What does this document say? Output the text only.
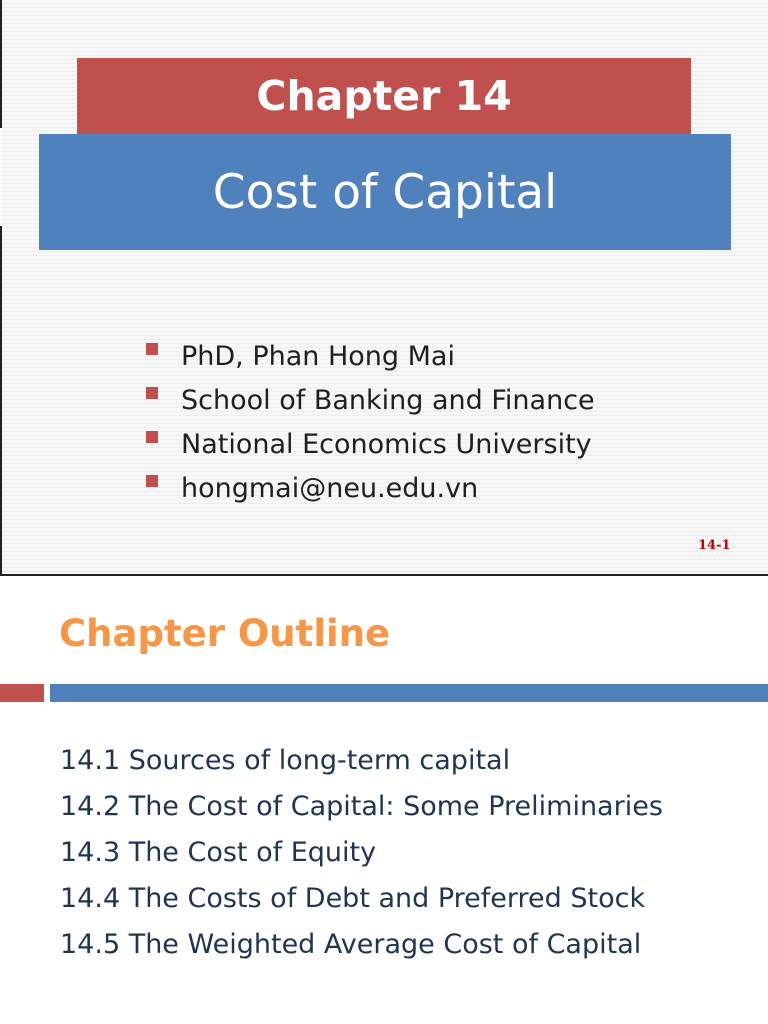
Chapter 14
Cost of Capital
PhD, Phan Hong Mai
School of Banking and Finance
National Economics University
hongmai@neu.edu.vn
14-1
Chapter Outline
14.1 Sources of long-term capital
14.2 The Cost of Capital: Some Preliminaries
14.3 The Cost of Equity
14.4 The Costs of Debt and Preferred Stock
14.5 The Weighted Average Cost of Capital
